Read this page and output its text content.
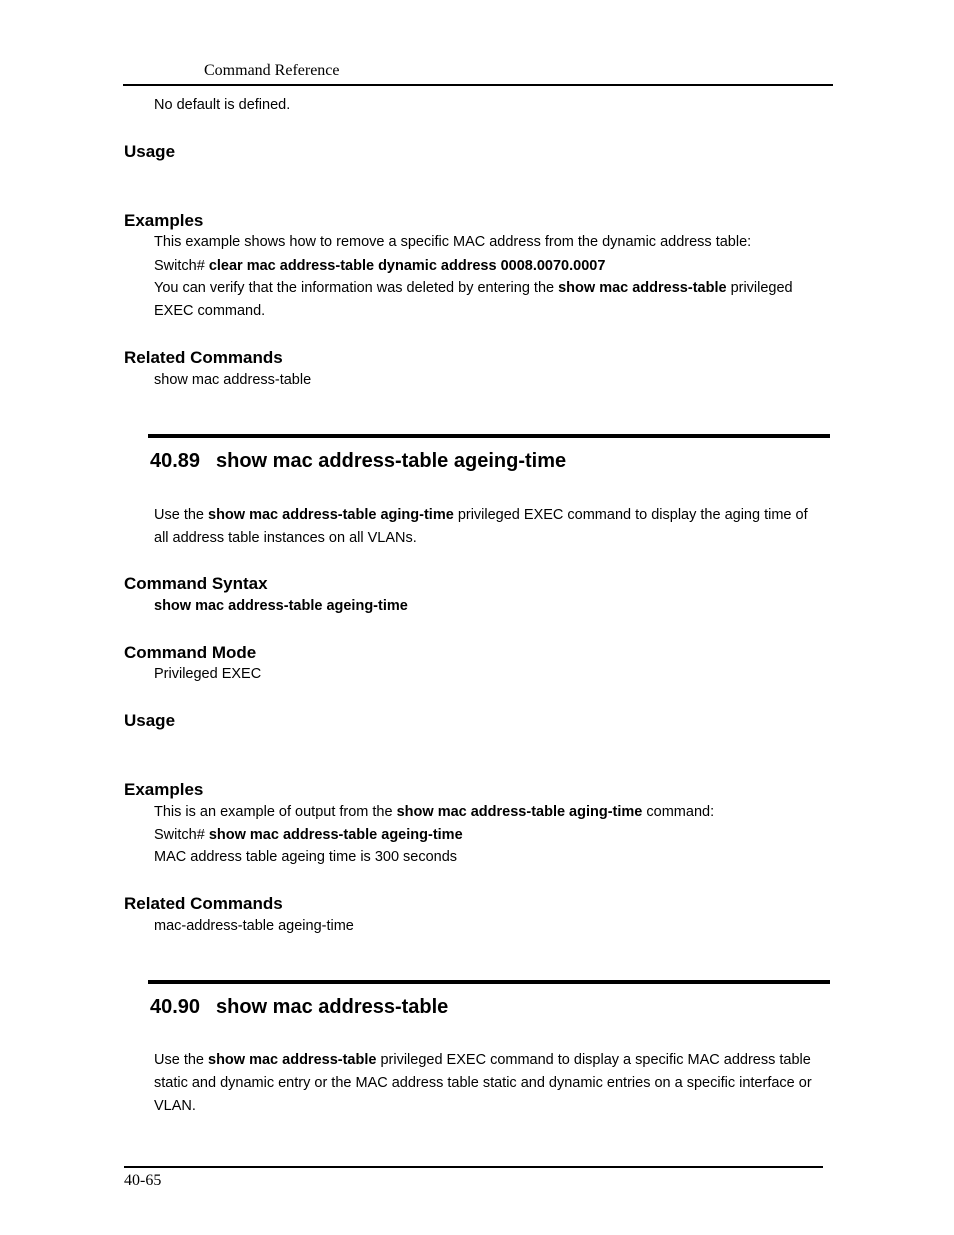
Command Reference
No default is defined.
Usage
Examples
This example shows how to remove a specific MAC address from the dynamic address table:
Switch# clear mac address-table dynamic address 0008.0070.0007
You can verify that the information was deleted by entering the show mac address-table privileged
EXEC command.
Related Commands
show mac address-table
40.89 show mac address-table ageing-time
Use the show mac address-table aging-time privileged EXEC command to display the aging time of
all address table instances on all VLANs.
Command Syntax
show mac address-table ageing-time
Command Mode
Privileged EXEC
Usage
Examples
This is an example of output from the show mac address-table aging-time command:
Switch# show mac address-table ageing-time
MAC address table ageing time is 300 seconds
Related Commands
mac-address-table ageing-time
40.90 show mac address-table
Use the show mac address-table privileged EXEC command to display a specific MAC address table
static and dynamic entry or the MAC address table static and dynamic entries on a specific interface or
VLAN.
40-65
